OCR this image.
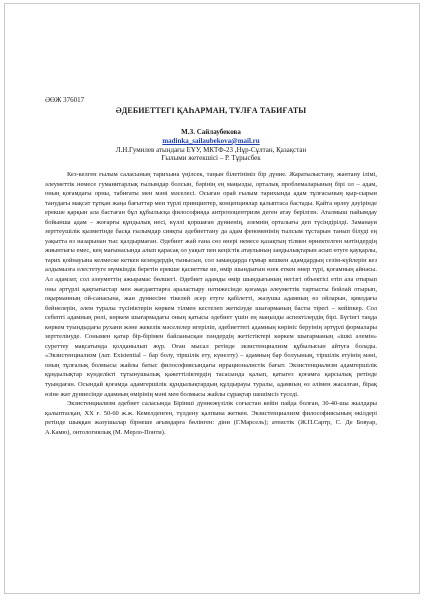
ӘӨЖ 376017

ӘДЕБИЕТТЕГІ ҚАҺАРМАН, ТҰЛҒА ТАБИҒАТЫ

М.З. Сайлаубекова
madinka_sailaubekova@mail.ru
Л.Н.Гумилев атындағы ЕҰУ, МКТФ-23 ,Нұр-Сұлтан, Қазақстан
Ғылыми жетекшісі – Р. Тұрысбек

Кез-келген ғылым саласының тарихына үңілсек, таңын білетініміз бір дүние. Жаратылыстану, жантану ілімі, әлеуметтік немесе гуманитарлық ғылымдар болсын, бәрінің ең маңызды, орталық проблемаларының бірі ол – адам, оның қоғамдағы орны, табиғаты мен мәні мәселесі. Осыған орай ғылым тарихында адам тұлғасының қыр-сырын танудағы мақсат тұтқан жаңа бағыттар мен түрлі принциптер, концепциялар қалыптаса бастады. Қайта өрлеу дәуірінде ерекше қарқын ала бастаған бұл құбылысқа философияда антропоцентризм деген атау берілген. Аталмыш пайымдау бойынша адам – жоғарғы құндылық иесі, күллі қоршаған дүниенің, әлемнің орталығы деп түсіндірілді. Заманауи зерттеушілік қызметінде басқа ғылымдар сияқты әдебиеттану да адам феноменінің тылсым тұстарын танып білуді ең уақытта өз назарынан тыс қалдырмаған. Әдебиет жай ғана сөз өнері немесе қазақтың тілмен өрнектелген мәтіндердің жиынтығы емес, кең мағынасында алып қарасақ ол уақыт пен кеңістік атаулының заңдылықтарын асып өтуге қауқарлы, тарих қойнауына келмеске кеткен кезеңдердің тынысын, сол замандарда ғұмыр кешкен адамдардың сезім-күйлерін кез алдымызға елестетуге мүмкіндік беретін ерекше қасиеттке ие, өмір шындығын өзек еткен өнер түрі, қоғамның айнасы. Ал адамзат, сол әлеуметтің ажырамас бөлшегі. Әдебиет адамды өмір шындығының негізгі объектісі етіп ала отырып оны әртүрлі қақтығыстар мен жағдаяттарға араластыру нәтижесінде қоғамда әлеуметтік тартысты бойлай отырып, оқырманның ой-санасына, жан дүниесіне тікелей әсер етуге қабілетті, жазушы адамның өз ойларын, қиялдағы бейнелерін, әлем туралы түсініктерін көркем тілмен кестелеп жеткізуде шығарманың басты тірегі – кейіпкер. Сол себепті адамның рөлі, көркем шығармадағы оның қатысы әдебиет үшін ең маңызды аспектілердің бірі. Бүгінгі таңда көркем туындыдағы рухани және жекелік мәселелер игеріліп, әдебиеттегі адамның көрініс беруінің әртүрлі формалары зерттелінуде. Сонымен қатар бір-бірімен байланысқан пәндердің жетістіктері көркем шығарманың «ішкі әлемін» суреттеу мақсатында қолданылып жүр. Оған мысал ретінде экзистенциализм құбылысын айтуға болады. «Экзистенциализм (лат. Existential – бар болу, тіршілік ету, күнелту) – адамның бар болуының, тіршілік етуінің мәні, оның тұлғалық болмысы жайлы батыс философиясындағы иррационалистік бағыт. Экзистенциализм адамгершілік құндылықтар күнделікті тұтынушылық қажеттіліктердің тасасында қалып, қатыгез қоғамға қарсылық ретінде туындаған. Осындай қоғамда адамгершілік құндылықтардың құлдырауы туралы, адамның өз әлімен жасалған, бірақ өзіне жат дүниесінде адамның өмірінің мәні мен болмысы жайлы сұрақтар шешімсіз түседі.

Экзистенциализм әдебиет саласында Бірінші дүниежүзілік соғыстан кейін пайда болған, 30-40-шы жылдары қалыптасқан, ХХ ғ. 50-60 ж.ж. Кемелденген, түлдену қалпына жеткен. Экзистенциализм философиясының өкілдері ретінде шыққан жазушылар бірнеше ағымдарға бөлінген: діни (Г.Марсель); атеистік (Ж.П.Сартр, С. Де Бовуар, А.Камю), онтологиялық (М. Мерло-Понти).
